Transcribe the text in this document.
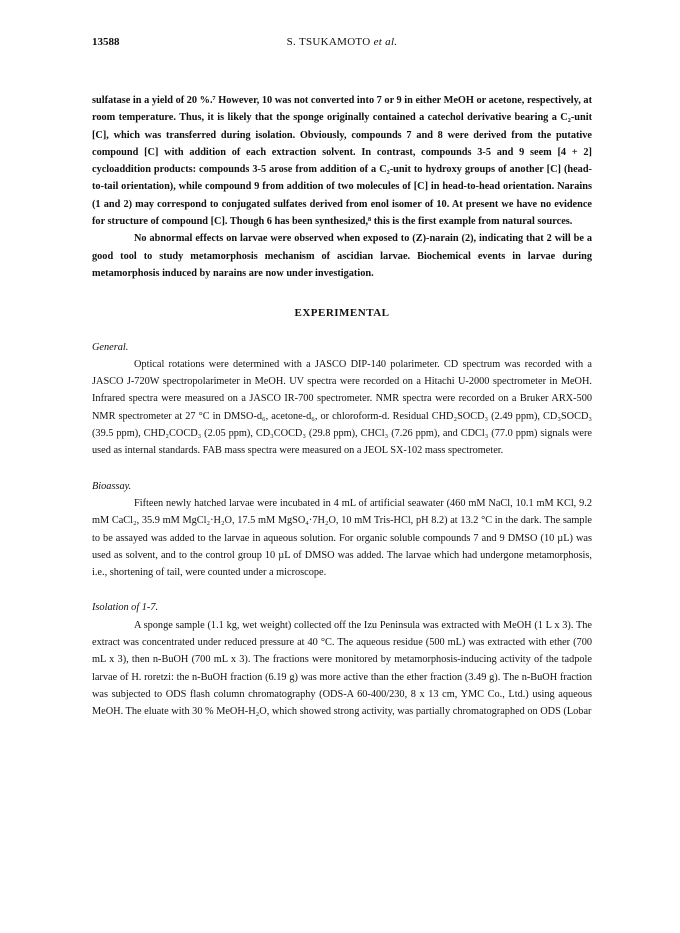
13588	S. TSUKAMOTO et al.

sulfatase in a yield of 20 %.⁷ However, 10 was not converted into 7 or 9 in either MeOH or acetone, respectively, at room temperature. Thus, it is likely that the sponge originally contained a catechol derivative bearing a C₂-unit [C], which was transferred during isolation. Obviously, compounds 7 and 8 were derived from the putative compound [C] with addition of each extraction solvent. In contrast, compounds 3-5 and 9 seem [4 + 2] cycloaddition products: compounds 3-5 arose from addition of a C₂-unit to hydroxy groups of another [C] (head-to-tail orientation), while compound 9 from addition of two molecules of [C] in head-to-head orientation. Narains (1 and 2) may correspond to conjugated sulfates derived from enol isomer of 10. At present we have no evidence for structure of compound [C]. Though 6 has been synthesized,⁸ this is the first example from natural sources.

No abnormal effects on larvae were observed when exposed to (Z)-narain (2), indicating that 2 will be a good tool to study metamorphosis mechanism of ascidian larvae. Biochemical events in larvae during metamorphosis induced by narains are now under investigation.

EXPERIMENTAL

General.

Optical rotations were determined with a JASCO DIP-140 polarimeter. CD spectrum was recorded with a JASCO J-720W spectropolarimeter in MeOH. UV spectra were recorded on a Hitachi U-2000 spectrometer in MeOH. Infrared spectra were measured on a JASCO IR-700 spectrometer. NMR spectra were recorded on a Bruker ARX-500 NMR spectrometer at 27 °C in DMSO-d₆, acetone-d₆, or chloroform-d. Residual CHD₂SOCD₃ (2.49 ppm), CD₃SOCD₃ (39.5 ppm), CHD₂COCD₃ (2.05 ppm), CD₃COCD₃ (29.8 ppm), CHCl₃ (7.26 ppm), and CDCl₃ (77.0 ppm) signals were used as internal standards. FAB mass spectra were measured on a JEOL SX-102 mass spectrometer.

Bioassay.

Fifteen newly hatched larvae were incubated in 4 mL of artificial seawater (460 mM NaCl, 10.1 mM KCl, 9.2 mM CaCl₂, 35.9 mM MgCl₂·H₂O, 17.5 mM MgSO₄·7H₂O, 10 mM Tris-HCl, pH 8.2) at 13.2 °C in the dark. The sample to be assayed was added to the larvae in aqueous solution. For organic soluble compounds 7 and 9 DMSO (10 µL) was used as solvent, and to the control group 10 µL of DMSO was added. The larvae which had undergone metamorphosis, i.e., shortening of tail, were counted under a microscope.

Isolation of 1-7.

A sponge sample (1.1 kg, wet weight) collected off the Izu Peninsula was extracted with MeOH (1 L x 3). The extract was concentrated under reduced pressure at 40 °C. The aqueous residue (500 mL) was extracted with ether (700 mL x 3), then n-BuOH (700 mL x 3). The fractions were monitored by metamorphosis-inducing activity of the tadpole larvae of H. roretzi: the n-BuOH fraction (6.19 g) was more active than the ether fraction (3.49 g). The n-BuOH fraction was subjected to ODS flash column chromatography (ODS-A 60-400/230, 8 x 13 cm, YMC Co., Ltd.) using aqueous MeOH. The eluate with 30 % MeOH-H₂O, which showed strong activity, was partially chromatographed on ODS (Lobar
